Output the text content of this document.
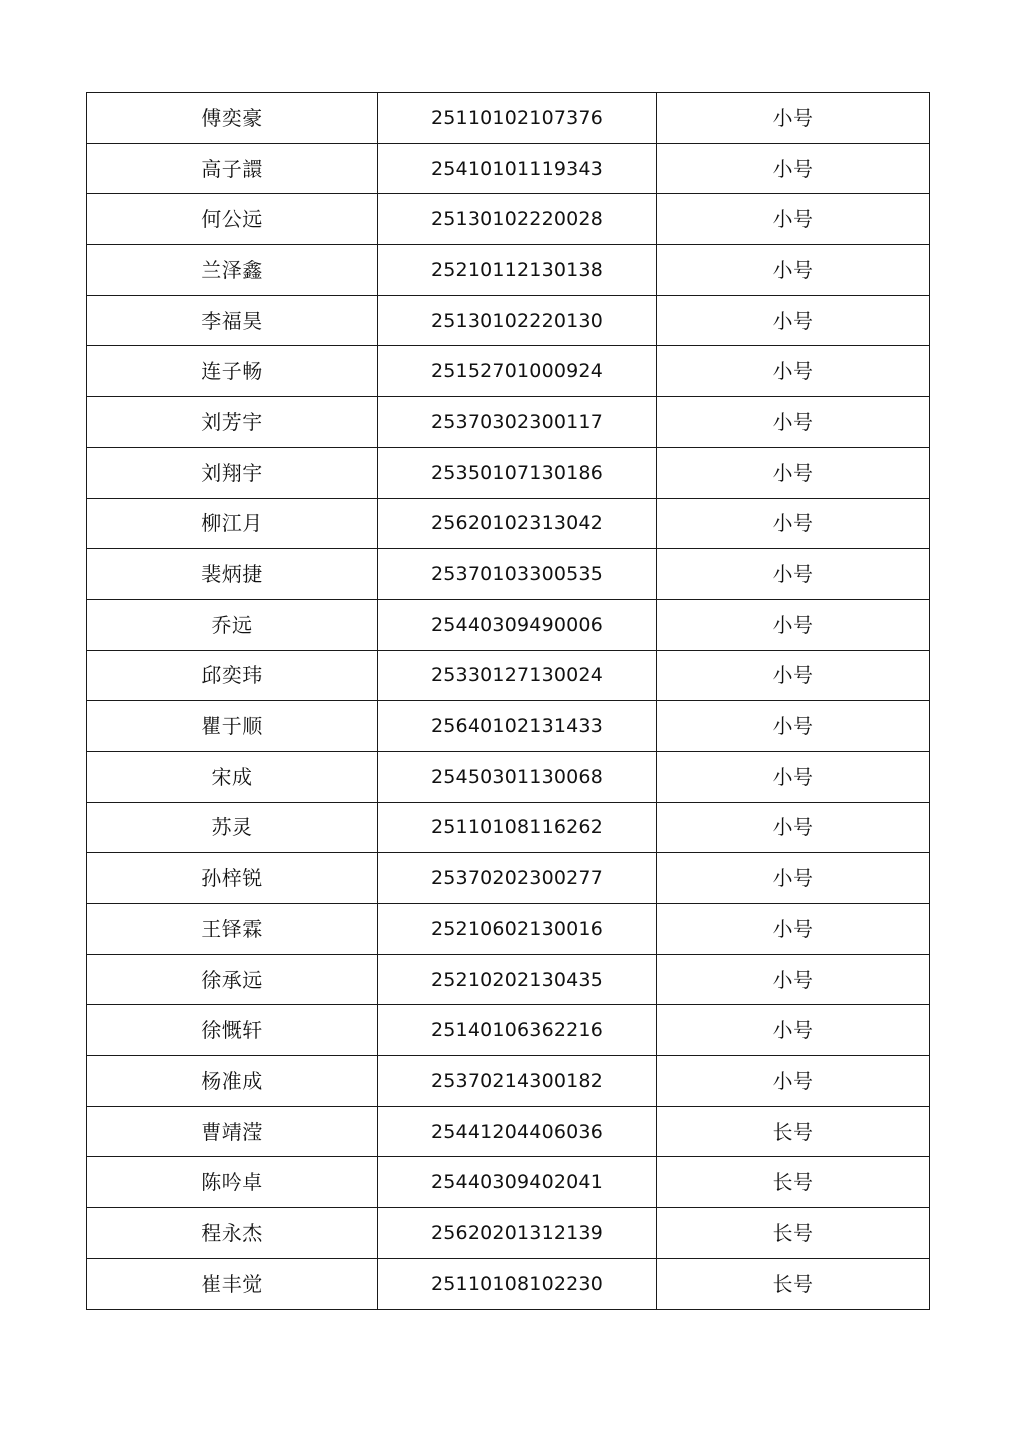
傅奕豪	25110102107376	小号
高子譞	25410101119343	小号
何公远	25130102220028	小号
兰泽鑫	25210112130138	小号
李福昊	25130102220130	小号
连子畅	25152701000924	小号
刘芳宇	25370302300117	小号
刘翔宇	25350107130186	小号
柳江月	25620102313042	小号
裴炳捷	25370103300535	小号
乔远	25440309490006	小号
邱奕玮	25330127130024	小号
瞿于顺	25640102131433	小号
宋成	25450301130068	小号
苏灵	25110108116262	小号
孙梓锐	25370202300277	小号
王铎霖	25210602130016	小号
徐承远	25210202130435	小号
徐慨轩	25140106362216	小号
杨准成	25370214300182	小号
曹靖滢	25441204406036	长号
陈吟卓	25440309402041	长号
程永杰	25620201312139	长号
崔丰觉	25110108102230	长号
